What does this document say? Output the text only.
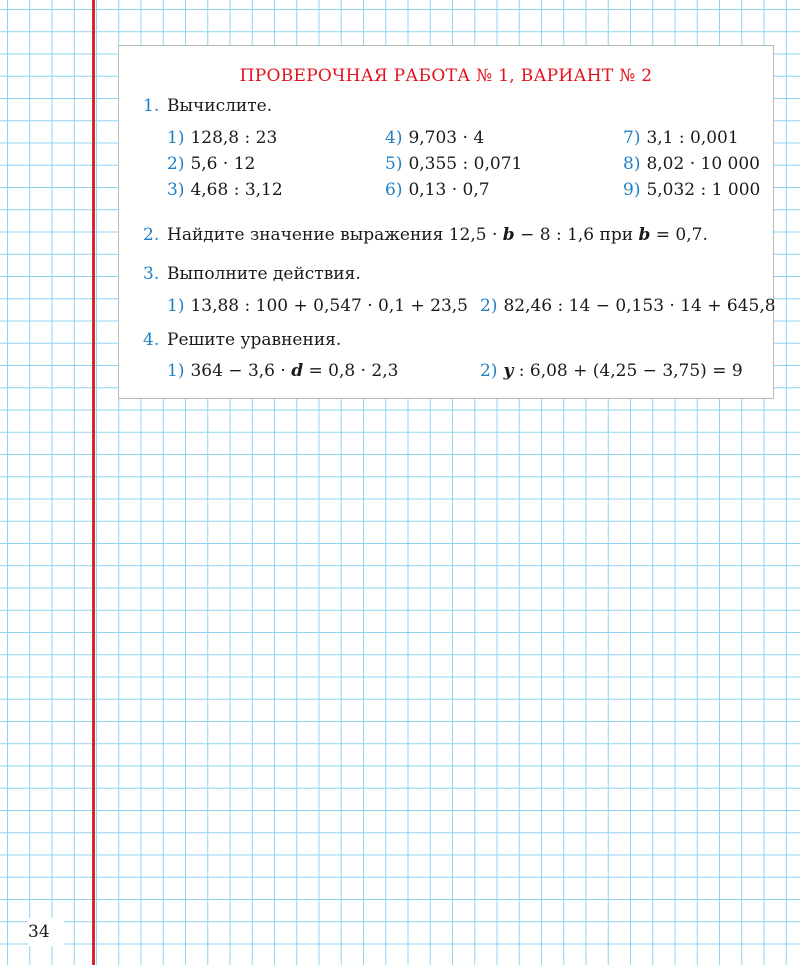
34
ПРОВЕРОЧНАЯ РАБОТА № 1, ВАРИАНТ № 2
1. Вычислите.
1) 128,8 : 23
2) 5,6 · 12
3) 4,68 : 3,12
4) 9,703 · 4
5) 0,355 : 0,071
6) 0,13 · 0,7
7) 3,1 : 0,001
8) 8,02 · 10 000
9) 5,032 : 1 000
2. Найдите значение выражения 12,5 · b − 8 : 1,6 при b = 0,7.
3. Выполните действия.
1) 13,88 : 100 + 0,547 · 0,1 + 23,5 2) 82,46 : 14 − 0,153 · 14 + 645,8
4. Решите уравнения.
1) 364 − 3,6 · d = 0,8 · 2,3	2) y : 6,08 + (4,25 − 3,75) = 9
